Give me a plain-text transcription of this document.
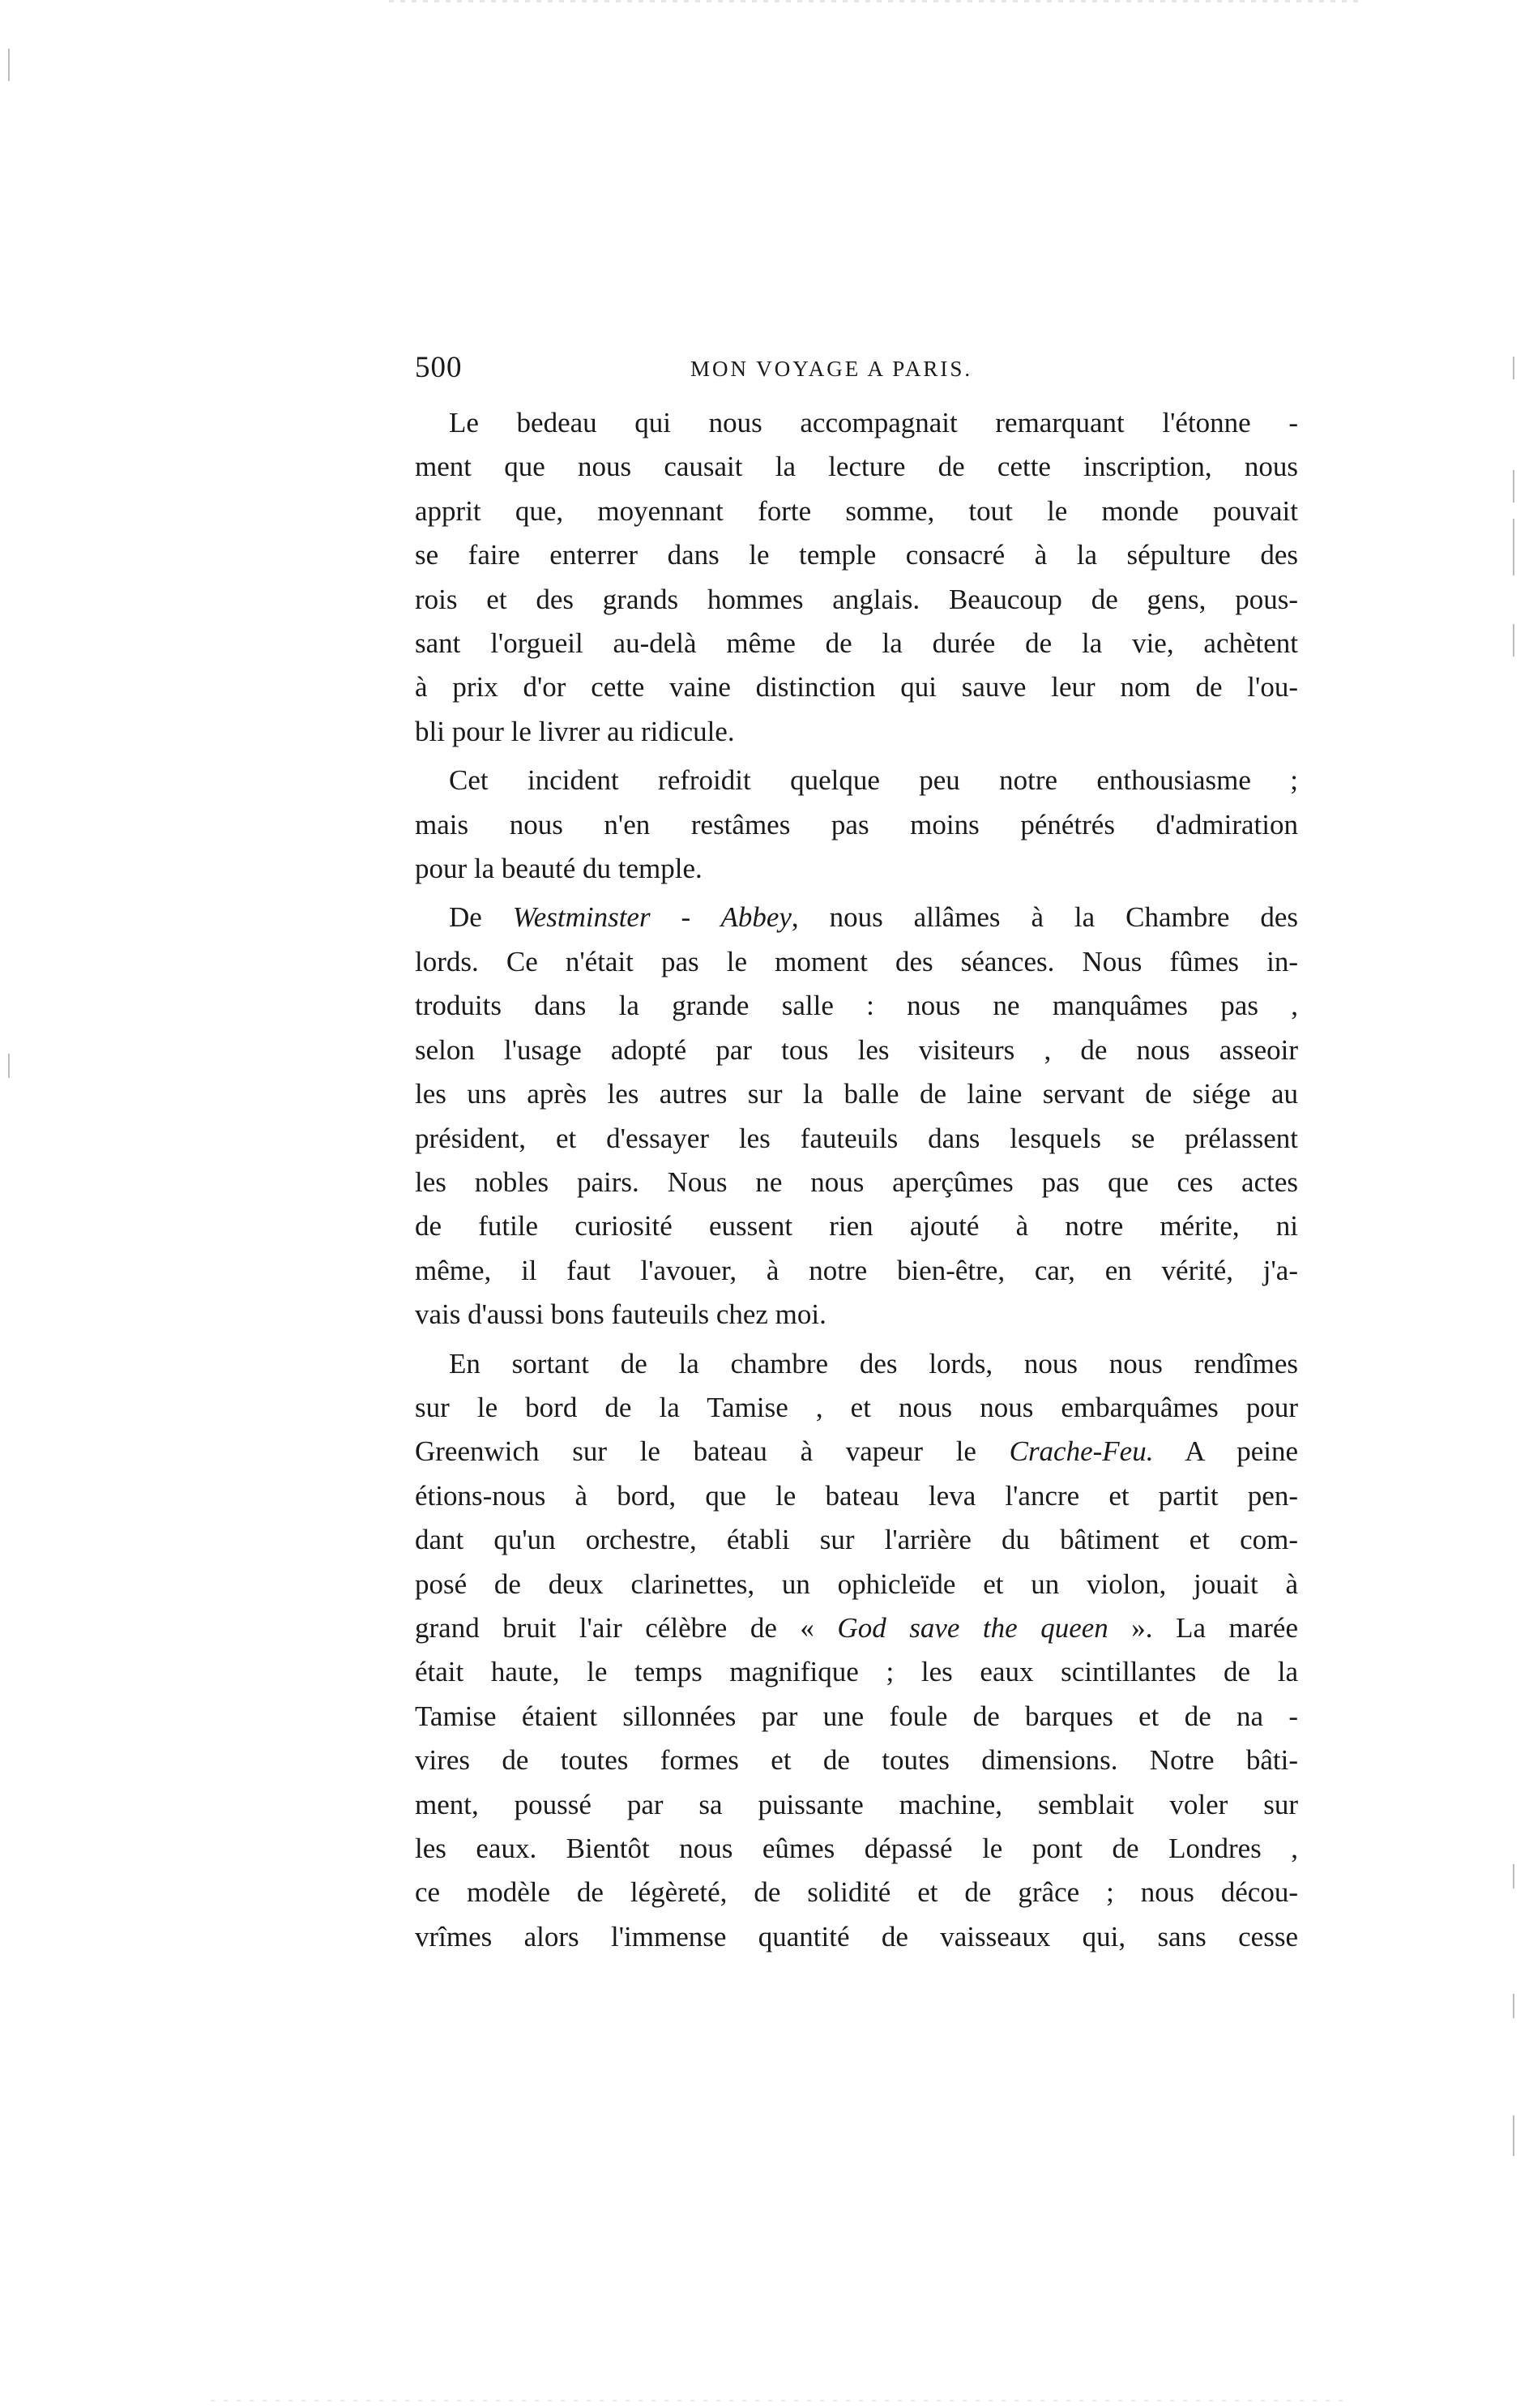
500	MON VOYAGE A PARIS.
Le bedeau qui nous accompagnait remarquant l'étonne -
ment que nous causait la lecture de cette inscription, nous
apprit que, moyennant forte somme, tout le monde pouvait
se faire enterrer dans le temple consacré à la sépulture des
rois et des grands hommes anglais. Beaucoup de gens, pous-
sant l'orgueil au-delà même de la durée de la vie, achètent
à prix d'or cette vaine distinction qui sauve leur nom de l'ou-
bli pour le livrer au ridicule.
Cet incident refroidit quelque peu notre enthousiasme ;
mais nous n'en restâmes pas moins pénétrés d'admiration
pour la beauté du temple.
De Westminster - Abbey, nous allâmes à la Chambre des
lords. Ce n'était pas le moment des séances. Nous fûmes in-
troduits dans la grande salle : nous ne manquâmes pas ,
selon l'usage adopté par tous les visiteurs , de nous asseoir
les uns après les autres sur la balle de laine servant de siége au
président, et d'essayer les fauteuils dans lesquels se prélassent
les nobles pairs. Nous ne nous aperçûmes pas que ces actes
de futile curiosité eussent rien ajouté à notre mérite, ni
même, il faut l'avouer, à notre bien-être, car, en vérité, j'a-
vais d'aussi bons fauteuils chez moi.
En sortant de la chambre des lords, nous nous rendîmes
sur le bord de la Tamise , et nous nous embarquâmes pour
Greenwich sur le bateau à vapeur le Crache-Feu. A peine
étions-nous à bord, que le bateau leva l'ancre et partit pen-
dant qu'un orchestre, établi sur l'arrière du bâtiment et com-
posé de deux clarinettes, un ophicleïde et un violon, jouait à
grand bruit l'air célèbre de « God save the queen ». La marée
était haute, le temps magnifique ; les eaux scintillantes de la
Tamise étaient sillonnées par une foule de barques et de na -
vires de toutes formes et de toutes dimensions. Notre bâti-
ment, poussé par sa puissante machine, semblait voler sur
les eaux. Bientôt nous eûmes dépassé le pont de Londres ,
ce modèle de légèreté, de solidité et de grâce ; nous décou-
vrîmes alors l'immense quantité de vaisseaux qui, sans cesse
